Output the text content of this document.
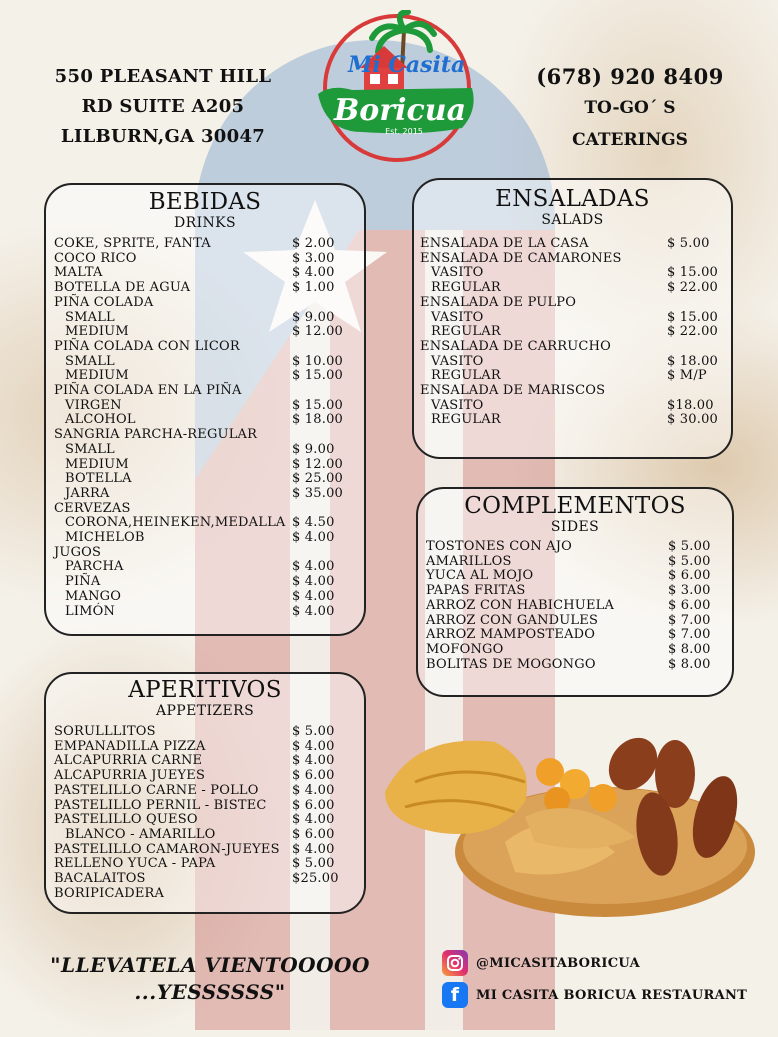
550 PLEASANT HILL
RD SUITE A205
LILBURN,GA 30047
Mi Casita
Boricua
Est. 2015
(678) 920 8409
TO-GO´ S
CATERINGS
BEBIDAS
DRINKS
COKE, SPRITE, FANTA	$ 2.00
COCO RICO	$ 3.00
MALTA	$ 4.00
BOTELLA DE AGUA	$ 1.00
PIÑA COLADA
SMALL	$ 9.00
MEDIUM	$ 12.00
PIÑA COLADA CON LICOR
SMALL	$ 10.00
MEDIUM	$ 15.00
PIÑA COLADA EN LA PIÑA
VIRGEN	$ 15.00
ALCOHOL	$ 18.00
SANGRIA PARCHA-REGULAR
SMALL	$ 9.00
MEDIUM	$ 12.00
BOTELLA	$ 25.00
JARRA	$ 35.00
CERVEZAS
CORONA,HEINEKEN,MEDALLA $ 4.50
MICHELOB	$ 4.00
JUGOS
PARCHA	$ 4.00
PIÑA	$ 4.00
MANGO	$ 4.00
LIMÓN	$ 4.00
ENSALADAS
SALADS
ENSALADA DE LA CASA	$ 5.00
ENSALADA DE CAMARONES
VASITO	$ 15.00
REGULAR	$ 22.00
ENSALADA DE PULPO
VASITO	$ 15.00
REGULAR	$ 22.00
ENSALADA DE CARRUCHO
VASITO	$ 18.00
REGULAR	$ M/P
ENSALADA DE MARISCOS
VASITO	$18.00
REGULAR	$ 30.00
COMPLEMENTOS
SIDES
TOSTONES CON AJO	$ 5.00
AMARILLOS	$ 5.00
YUCA AL MOJO	$ 6.00
PAPAS FRITAS	$ 3.00
ARROZ CON HABICHUELA	$ 6.00
ARROZ CON GANDULES	$ 7.00
ARROZ MAMPOSTEADO	$ 7.00
MOFONGO	$ 8.00
BOLITAS DE MOGONGO	$ 8.00
APERITIVOS
APPETIZERS
SORULLLITOS	$ 5.00
EMPANADILLA PIZZA	$ 4.00
ALCAPURRIA CARNE	$ 4.00
ALCAPURRIA JUEYES	$ 6.00
PASTELILLO CARNE - POLLO	$ 4.00
PASTELILLO PERNIL - BISTEC	$ 6.00
PASTELILLO QUESO	$ 4.00
BLANCO - AMARILLO	$ 6.00
PASTELILLO CAMARON-JUEYES $ 4.00
RELLENO YUCA - PAPA	$ 5.00
BACALAITOS	$25.00
BORIPICADERA
"LLEVATELA VIENTOOOOO
...YESSSSSS"
@MICASITABORICUA
f	MI CASITA BORICUA RESTAURANT
